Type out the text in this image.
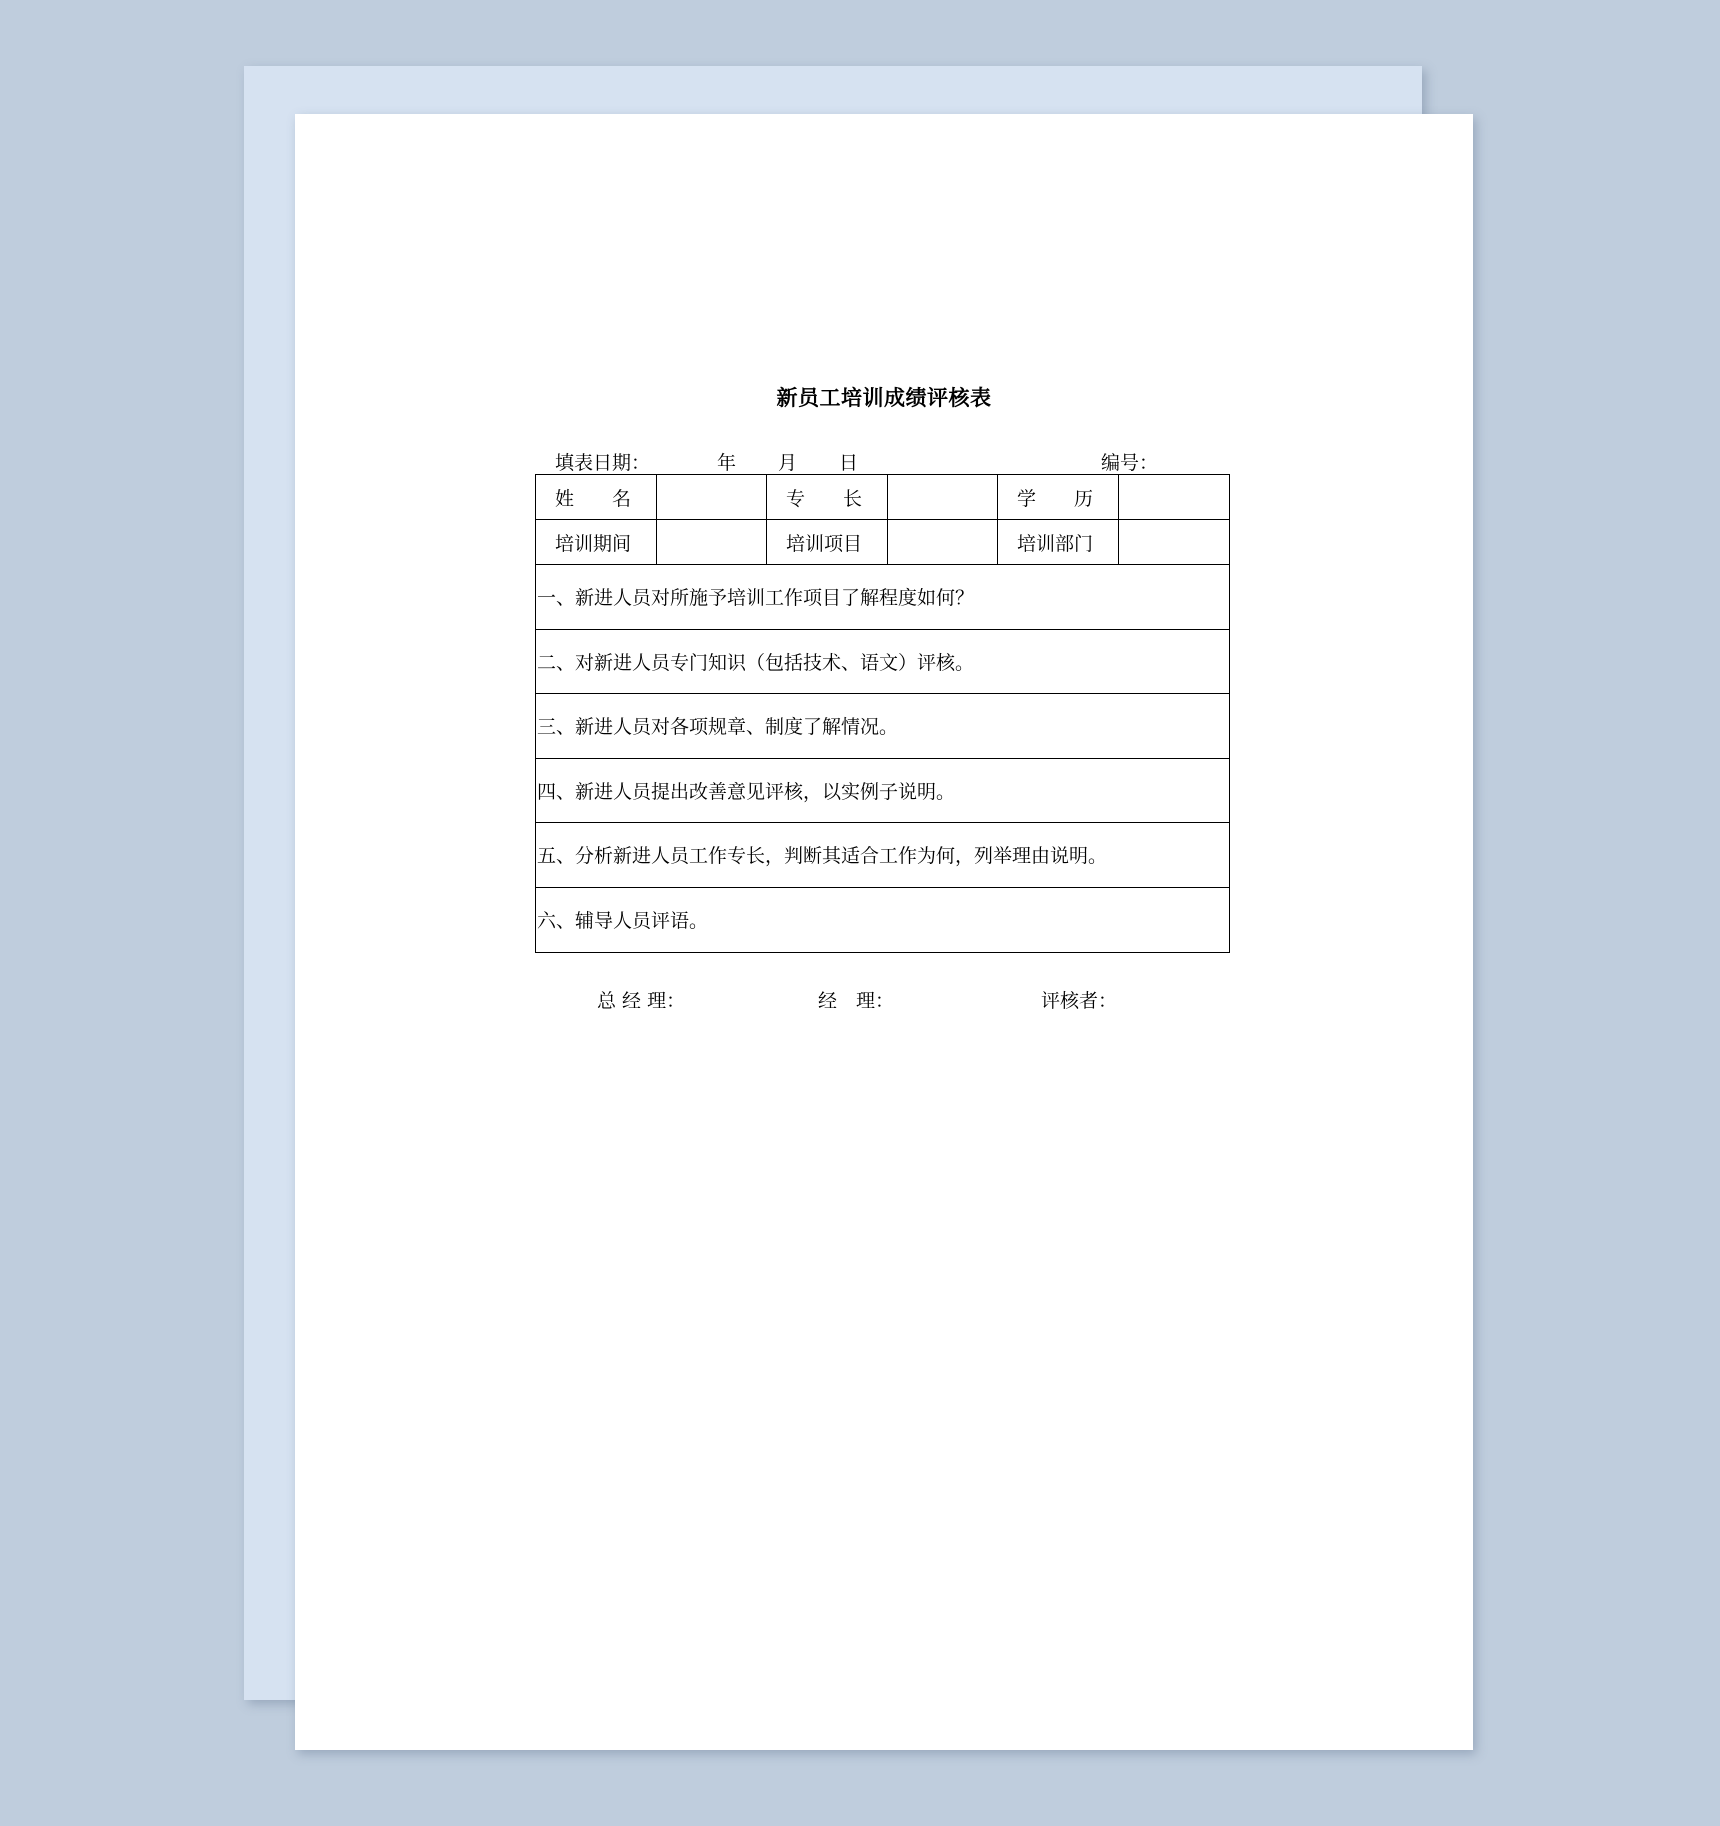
新员工培训成绩评核表
填表日期：	年 月 日	编号：
姓　　名	专　　长	学　　历
培训期间	培训项目	培训部门
一、新进人员对所施予培训工作项目了解程度如何？
二、对新进人员专门知识（包括技术、语文）评核。
三、新进人员对各项规章、制度了解情况。
四、新进人员提出改善意见评核，以实例子说明。
五、分析新进人员工作专长，判断其适合工作为何，列举理由说明。
六、辅导人员评语。
总 经 理：	经　理：	评核者：
